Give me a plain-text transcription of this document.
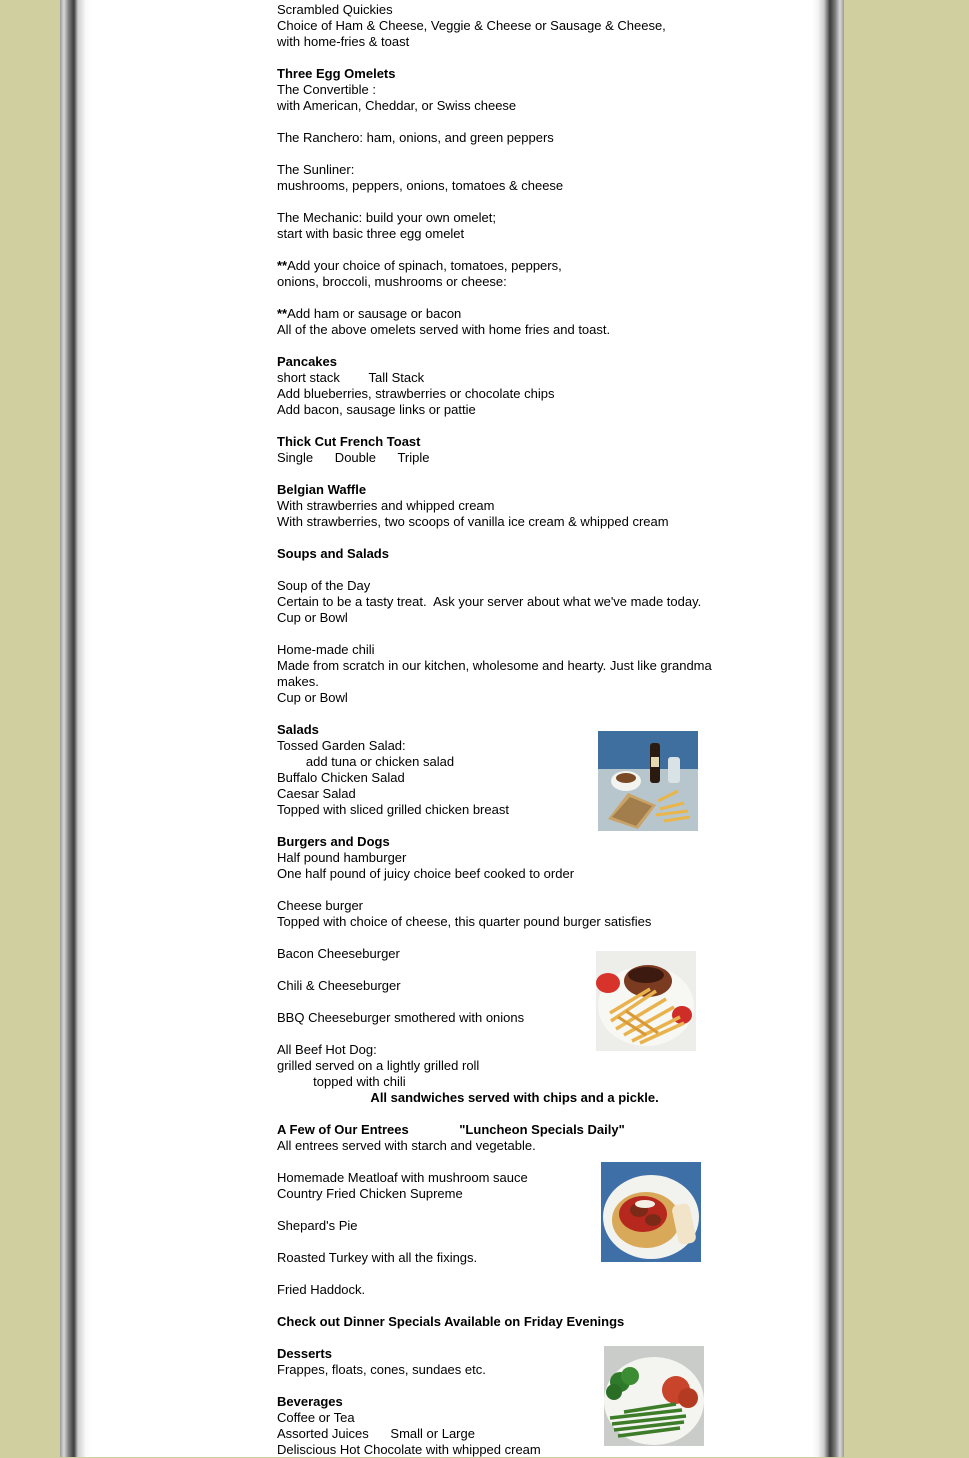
Scrambled Quickies
Choice of Ham & Cheese, Veggie & Cheese or Sausage & Cheese,
with home-fries & toast
Three Egg Omelets
The Convertible :
with American, Cheddar, or Swiss cheese
The Ranchero: ham, onions, and green peppers
The Sunliner:
mushrooms, peppers, onions, tomatoes & cheese
The Mechanic: build your own omelet;
start with basic three egg omelet
**Add your choice of spinach, tomatoes, peppers,
onions, broccoli, mushrooms or cheese:
**Add ham or sausage or bacon
All of the above omelets served with home fries and toast.
Pancakes
short stack        Tall Stack
Add blueberries, strawberries or chocolate chips
Add bacon, sausage links or pattie
Thick Cut French Toast
Single      Double      Triple
Belgian Waffle
With strawberries and whipped cream
With strawberries, two scoops of vanilla ice cream & whipped cream
Soups and Salads
Soup of the Day
Certain to be a tasty treat.  Ask your server about what we've made today.
Cup or Bowl
Home-made chili
Made from scratch in our kitchen, wholesome and hearty. Just like grandma
makes.
Cup or Bowl
Salads
Tossed Garden Salad:
add tuna or chicken salad
Buffalo Chicken Salad
Caesar Salad
Topped with sliced grilled chicken breast
Burgers and Dogs
Half pound hamburger
One half pound of juicy choice beef cooked to order
Cheese burger
Topped with choice of cheese, this quarter pound burger satisfies
Bacon Cheeseburger
Chili & Cheeseburger
BBQ Cheeseburger smothered with onions
All Beef Hot Dog:
grilled served on a lightly grilled roll
topped with chili
All sandwiches served with chips and a pickle.
A Few of Our Entrees              "Luncheon Specials Daily"
All entrees served with starch and vegetable.
Homemade Meatloaf with mushroom sauce
Country Fried Chicken Supreme
Shepard's Pie
Roasted Turkey with all the fixings.
Fried Haddock.
Check out Dinner Specials Available on Friday Evenings
Desserts
Frappes, floats, cones, sundaes etc.
Beverages
Coffee or Tea
Assorted Juices      Small or Large
Deliscious Hot Chocolate with whipped cream
